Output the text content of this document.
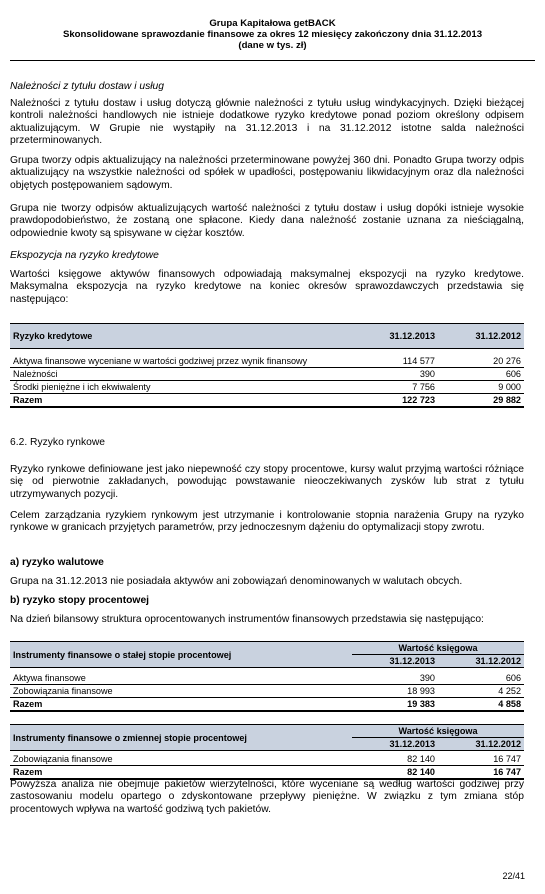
Grupa Kapitałowa getBACK
Skonsolidowane sprawozdanie finansowe za okres 12 miesięcy zakończony dnia 31.12.2013
(dane w tys. zł)
Należności z tytułu dostaw i usług
Należności z tytułu dostaw i usług dotyczą głównie należności z tytułu usług windykacyjnych. Dzięki bieżącej kontroli należności handlowych nie istnieje dodatkowe ryzyko kredytowe ponad poziom określony odpisem aktualizującym. W Grupie nie wystąpiły na 31.12.2013 i na 31.12.2012 istotne salda należności przeterminowanych.
Grupa tworzy odpis aktualizujący na należności przeterminowane powyżej 360 dni. Ponadto Grupa tworzy odpis aktualizujący na wszystkie należności od spółek w upadłości, postępowaniu likwidacyjnym oraz dla należności objętych postępowaniem sądowym.
Grupa nie tworzy odpisów aktualizujących wartość należności z tytułu dostaw i usług dopóki istnieje wysokie prawdopodobieństwo, że zostaną one spłacone. Kiedy dana należność zostanie uznana za nieściągalną, odpowiednie kwoty są spisywane w ciężar kosztów.
Ekspozycja na ryzyko kredytowe
Wartości księgowe aktywów finansowych odpowiadają maksymalnej ekspozycji na ryzyko kredytowe. Maksymalna ekspozycja na ryzyko kredytowe na koniec okresów sprawozdawczych przedstawia się następująco:
Ryzyko kredytowe	31.12.2013	31.12.2012

Aktywa finansowe wyceniane w wartości godziwej przez wynik finansowy	114 577	20 276
Należności	390	606
Środki pieniężne i ich ekwiwalenty	7 756	9 000
Razem	122 723	29 882
6.2. Ryzyko rynkowe
Ryzyko rynkowe definiowane jest jako niepewność czy stopy procentowe, kursy walut przyjmą wartości różniące się od pierwotnie zakładanych, powodując powstawanie nieoczekiwanych zysków lub strat z tytułu utrzymywanych pozycji.
Celem zarządzania ryzykiem rynkowym jest utrzymanie i kontrolowanie stopnia narażenia Grupy na ryzyko rynkowe w granicach przyjętych parametrów, przy jednoczesnym dążeniu do optymalizacji stopy zwrotu.
a) ryzyko walutowe
Grupa na 31.12.2013 nie posiadała aktywów ani zobowiązań denominowanych w walutach obcych.
b) ryzyko stopy procentowej
Na dzień bilansowy struktura oprocentowanych instrumentów finansowych przedstawia się następująco:
Instrumenty finansowe o stałej stopie procentowej	Wartość księgowa	
	31.12.2013	31.12.2012

Aktywa finansowe	390	606
Zobowiązania finansowe	18 993	4 252
Razem	19 383	4 858
Instrumenty finansowe o zmiennej stopie procentowej	Wartość księgowa	
	31.12.2013	31.12.2012

Zobowiązania finansowe	82 140	16 747
Razem	82 140	16 747
Powyższa analiza nie obejmuje pakietów wierzytelności, które wyceniane są według wartości godziwej przy zastosowaniu modelu opartego o zdyskontowane przepływy pieniężne. W związku z tym zmiana stóp procentowych wpływa na wartość godziwą tych pakietów.
22/41
